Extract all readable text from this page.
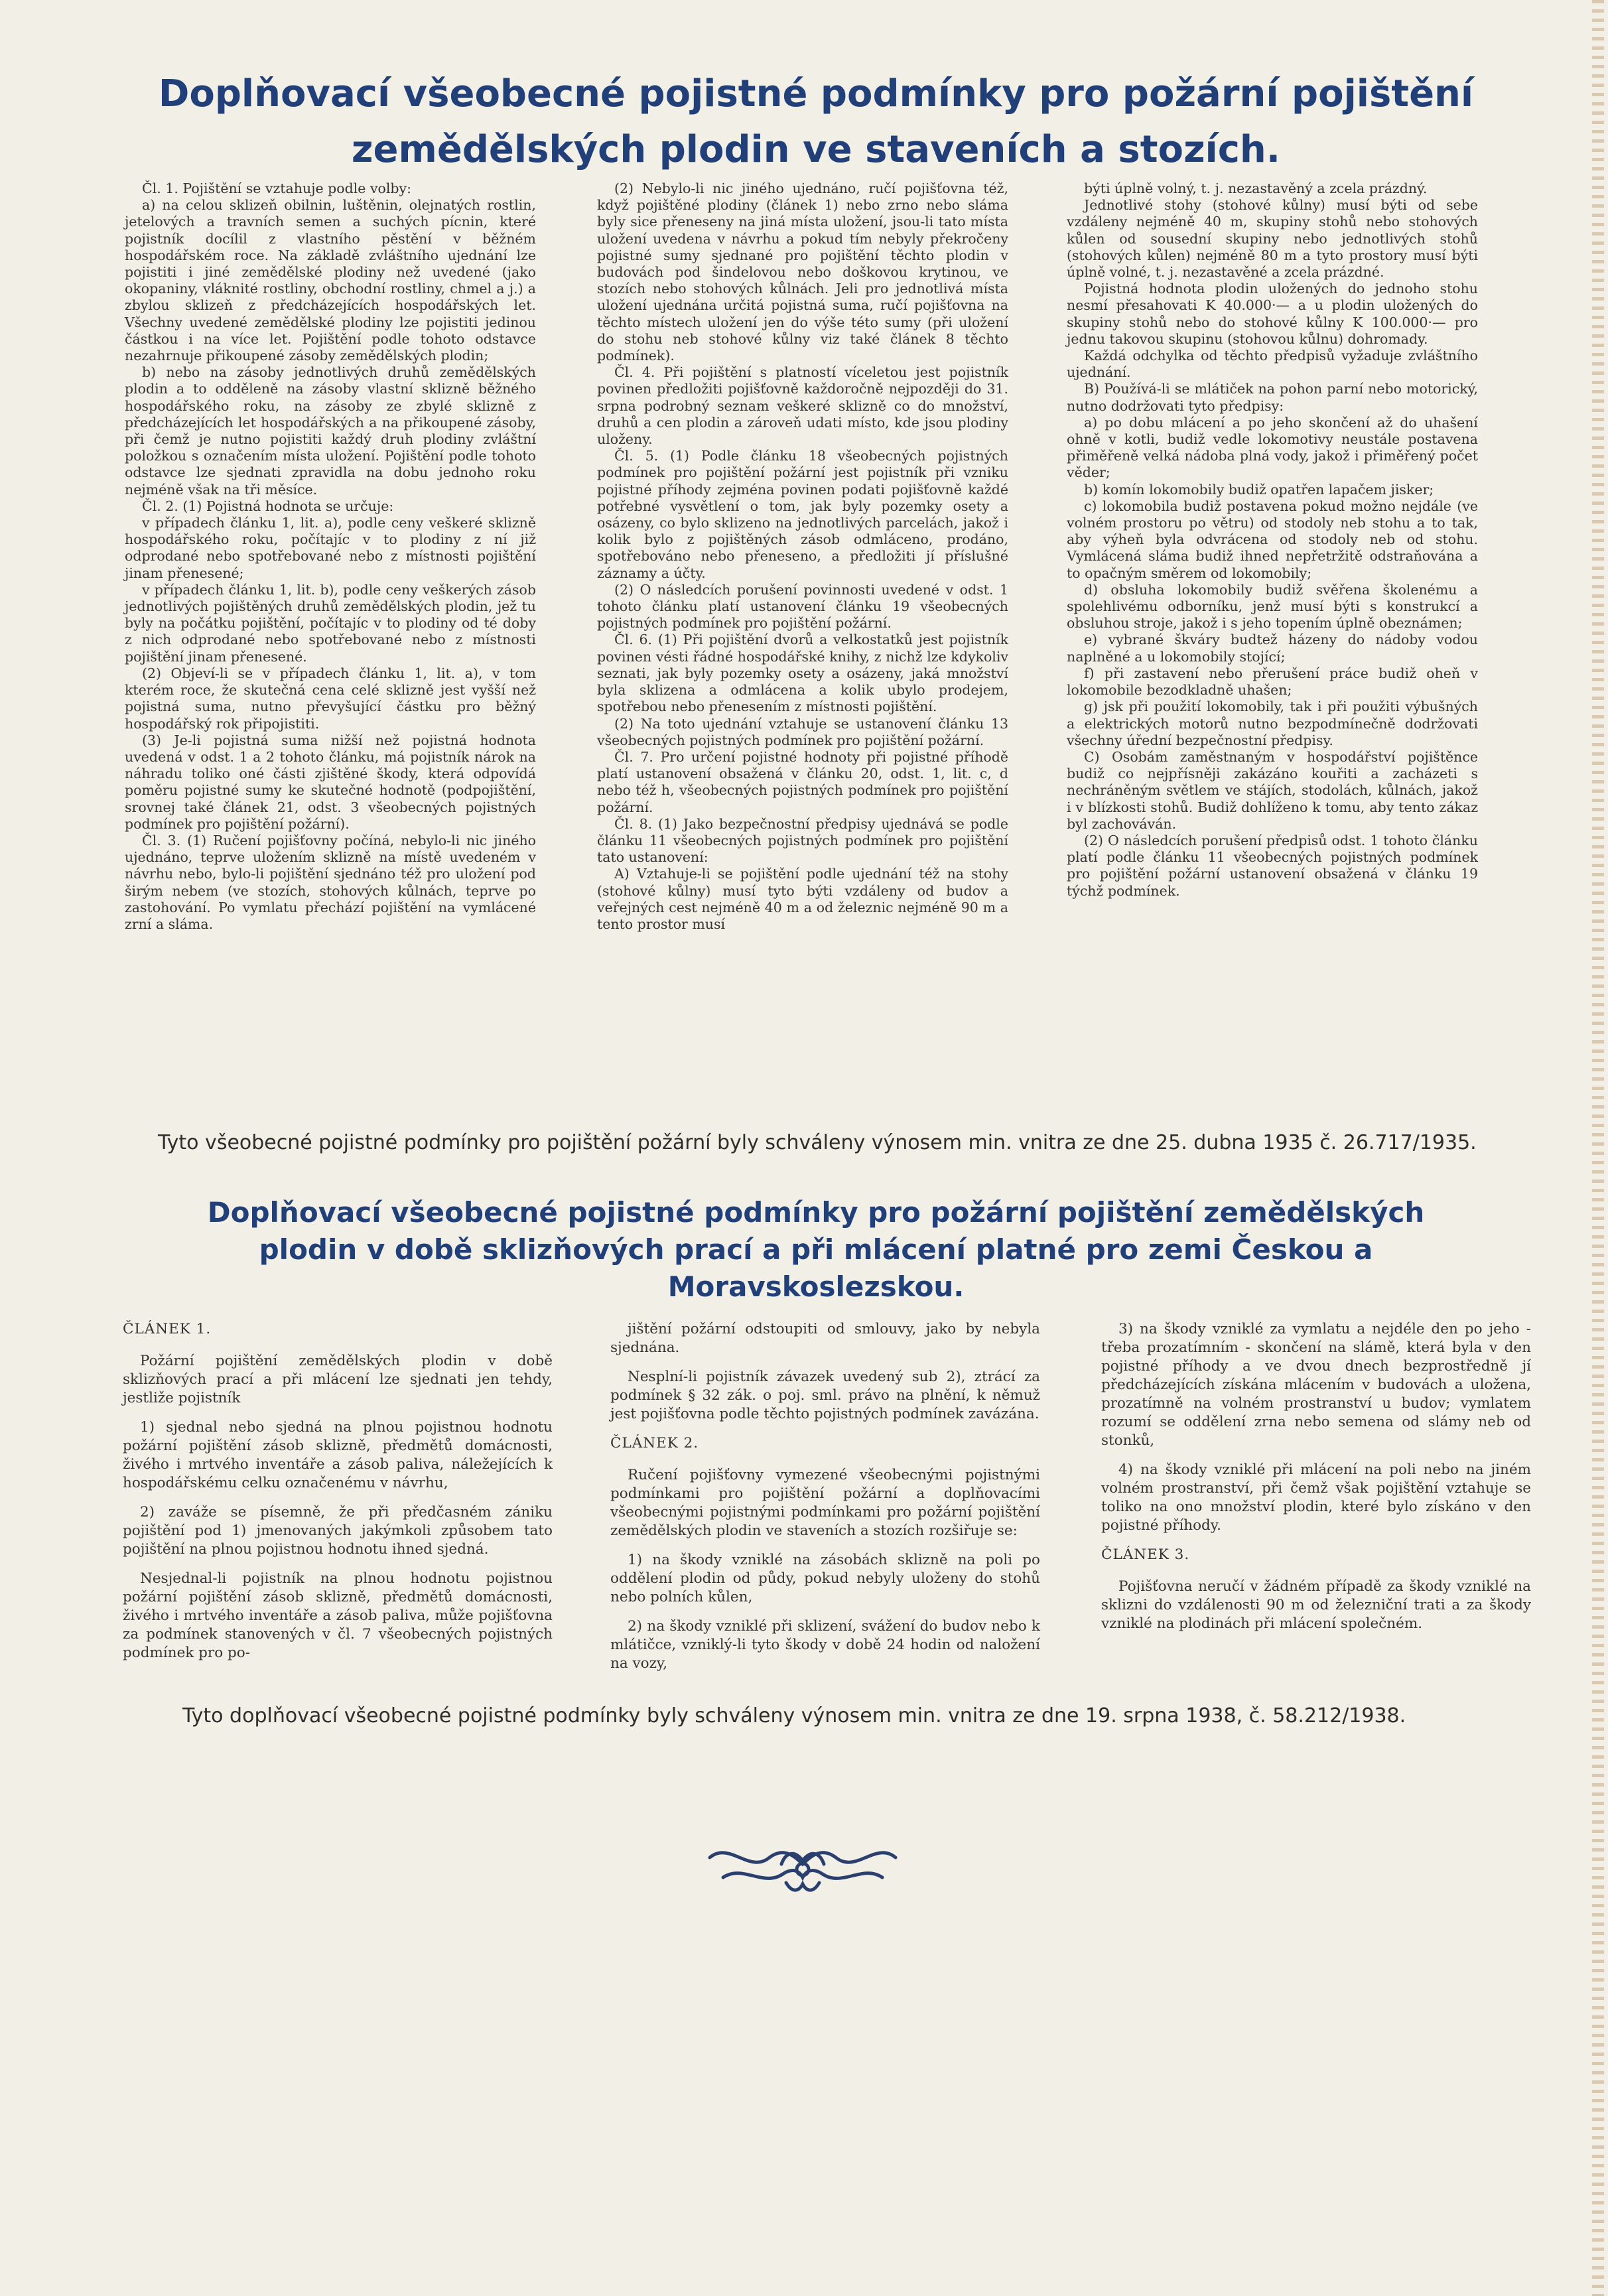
Doplňovací všeobecné pojistné podmínky pro požární pojištění zemědělských plodin ve staveních a stozích.

Čl. 1. Pojištění se vztahuje podle volby:

a) na celou sklizeň obilnin, luštěnin, olejnatých rostlin, jetelových a travních semen a suchých pícnin, které pojistník docílil z vlastního pěstění v běžném hospodářském roce. Na základě zvláštního ujednání lze pojistiti i jiné zemědělské plodiny než uvedené (jako okopaniny, vláknité rostliny, obchodní rostliny, chmel a j.) a zbylou sklizeň z předcházejících hospodářských let. Všechny uvedené zemědělské plodiny lze pojistiti jedinou částkou i na více let. Pojištění podle tohoto odstavce nezahrnuje přikoupené zásoby zemědělských plodin;

b) nebo na zásoby jednotlivých druhů zemědělských plodin a to odděleně na zásoby vlastní sklizně běžného hospodářského roku, na zásoby ze zbylé sklizně z předcházejících let hospodářských a na přikoupené zásoby, při čemž je nutno pojistiti každý druh plodiny zvláštní položkou s označením místa uložení. Pojištění podle tohoto odstavce lze sjednati zpravidla na dobu jednoho roku nejméně však na tři měsíce.

Čl. 2. (1) Pojistná hodnota se určuje:

v případech článku 1, lit. a), podle ceny veškeré sklizně hospodářského roku, počítajíc v to plodiny z ní již odprodané nebo spotřebované nebo z místnosti pojištění jinam přenesené;

v případech článku 1, lit. b), podle ceny veškerých zásob jednotlivých pojištěných druhů zemědělských plodin, jež tu byly na počátku pojištění, počítajíc v to plodiny od té doby z nich odprodané nebo spotřebované nebo z místnosti pojištění jinam přenesené.

(2) Objeví-li se v případech článku 1, lit. a), v tom kterém roce, že skutečná cena celé sklizně jest vyšší než pojistná suma, nutno převyšující částku pro běžný hospodářský rok připojistiti.

(3) Je-li pojistná suma nižší než pojistná hodnota uvedená v odst. 1 a 2 tohoto článku, má pojistník nárok na náhradu toliko oné části zjištěné škody, která odpovídá poměru pojistné sumy ke skutečné hodnotě (podpojištění, srovnej také článek 21, odst. 3 všeobecných pojistných podmínek pro pojištění požární).

Čl. 3. (1) Ručení pojišťovny počíná, nebylo-li nic jiného ujednáno, teprve uložením sklizně na místě uvedeném v návrhu nebo, bylo-li pojištění sjednáno též pro uložení pod širým nebem (ve stozích, stohových kůlnách, teprve po zastohování. Po vymlatu přechází pojištění na vymlácené zrní a sláma.

(2) Nebylo-li nic jiného ujednáno, ručí pojišťovna též, když pojištěné plodiny (článek 1) nebo zrno nebo sláma byly sice přeneseny na jiná místa uložení, jsou-li tato místa uložení uvedena v návrhu a pokud tím nebyly překročeny pojistné sumy sjednané pro pojištění těchto plodin v budovách pod šindelovou nebo doškovou krytinou, ve stozích nebo stohových kůlnách. Jeli pro jednotlivá místa uložení ujednána určitá pojistná suma, ručí pojišťovna na těchto místech uložení jen do výše této sumy (při uložení do stohu neb stohové kůlny viz také článek 8 těchto podmínek).

Čl. 4. Při pojištění s platností víceletou jest pojistník povinen předložiti pojišťovně každoročně nejpozději do 31. srpna podrobný seznam veškeré sklizně co do množství, druhů a cen plodin a zároveň udati místo, kde jsou plodiny uloženy.

Čl. 5. (1) Podle článku 18 všeobecných pojistných podmínek pro pojištění požární jest pojistník při vzniku pojistné příhody zejména povinen podati pojišťovně každé potřebné vysvětlení o tom, jak byly pozemky osety a osázeny, co bylo sklizeno na jednotlivých parcelách, jakož i kolik bylo z pojištěných zásob odmláceno, prodáno, spotřebováno nebo přeneseno, a předložiti jí příslušné záznamy a účty.

(2) O následcích porušení povinnosti uvedené v odst. 1 tohoto článku platí ustanovení článku 19 všeobecných pojistných podmínek pro pojištění požární.

Čl. 6. (1) Při pojištění dvorů a velkostatků jest pojistník povinen vésti řádné hospodářské knihy, z nichž lze kdykoliv seznati, jak byly pozemky osety a osázeny, jaká množství byla sklizena a odmlácena a kolik ubylo prodejem, spotřebou nebo přenesením z místnosti pojištění.

(2) Na toto ujednání vztahuje se ustanovení článku 13 všeobecných pojistných podmínek pro pojištění požární.

Čl. 7. Pro určení pojistné hodnoty při pojistné příhodě platí ustanovení obsažená v článku 20, odst. 1, lit. c, d nebo též h, všeobecných pojistných podmínek pro pojištění požární.

Čl. 8. (1) Jako bezpečnostní předpisy ujednává se podle článku 11 všeobecných pojistných podmínek pro pojištění tato ustanovení:

A) Vztahuje-li se pojištění podle ujednání též na stohy (stohové kůlny) musí tyto býti vzdáleny od budov a veřejných cest nejméně 40 m a od železnic nejméně 90 m a tento prostor musí

býti úplně volný, t. j. nezastavěný a zcela prázdný.

Jednotlivé stohy (stohové kůlny) musí býti od sebe vzdáleny nejméně 40 m, skupiny stohů nebo stohových kůlen od sousední skupiny nebo jednotlivých stohů (stohových kůlen) nejméně 80 m a tyto prostory musí býti úplně volné, t. j. nezastavěné a zcela prázdné.

Pojistná hodnota plodin uložených do jednoho stohu nesmí přesahovati K 40.000·— a u plodin uložených do skupiny stohů nebo do stohové kůlny K 100.000·— pro jednu takovou skupinu (stohovou kůlnu) dohromady.

Každá odchylka od těchto předpisů vyžaduje zvláštního ujednání.

B) Používá-li se mlátiček na pohon parní nebo motorický, nutno dodržovati tyto předpisy:

a) po dobu mlácení a po jeho skončení až do uhašení ohně v kotli, budiž vedle lokomotivy neustále postavena přiměřeně velká nádoba plná vody, jakož i přiměřený počet věder;

b) komín lokomobily budiž opatřen lapačem jisker;

c) lokomobila budiž postavena pokud možno nejdále (ve volném prostoru po větru) od stodoly neb stohu a to tak, aby výheň byla odvrácena od stodoly neb od stohu. Vymlácená sláma budiž ihned nepřetržitě odstraňována a to opačným směrem od lokomobily;

d) obsluha lokomobily budiž svěřena školenému a spolehlivému odborníku, jenž musí býti s konstrukcí a obsluhou stroje, jakož i s jeho topením úplně obeznámen;

e) vybrané škváry budtež házeny do nádoby vodou naplněné a u lokomobily stojící;

f) při zastavení nebo přerušení práce budiž oheň v lokomobile bezodkladně uhašen;

g) jsk při použití lokomobily, tak i při použiti výbušných a elektrických motorů nutno bezpodmínečně dodržovati všechny úřední bezpečnostní předpisy.

C) Osobám zaměstnaným v hospodářství pojištěnce budiž co nejpřísněji zakázáno kouřiti a zacházeti s nechráněným světlem ve stájích, stodolách, kůlnách, jakož i v blízkosti stohů. Budiž dohlíženo k tomu, aby tento zákaz byl zachováván.

(2) O následcích porušení předpisů odst. 1 tohoto článku platí podle článku 11 všeobecných pojistných podmínek pro pojištění požární ustanovení obsažená v článku 19 týchž podmínek.

Tyto všeobecné pojistné podmínky pro pojištění požární byly schváleny výnosem min. vnitra ze dne 25. dubna 1935 č. 26.717/1935.
Doplňovací všeobecné pojistné podmínky pro požární pojištění zemědělských plodin v době sklizňových prací a při mlácení platné pro zemi Českou a Moravskoslezskou.

ČLÁNEK 1.

Požární pojištění zemědělských plodin v době sklizňových prací a při mlácení lze sjednati jen tehdy, jestliže pojistník

1) sjednal nebo sjedná na plnou pojistnou hodnotu požární pojištění zásob sklizně, předmětů domácnosti, živého i mrtvého inventáře a zásob paliva, náležejících k hospodářskému celku označenému v návrhu,

2) zaváže se písemně, že při předčasném zániku pojištění pod 1) jmenovaných jakýmkoli způsobem tato pojištění na plnou pojistnou hodnotu ihned sjedná.

Nesjednal-li pojistník na plnou hodnotu pojistnou požární pojištění zásob sklizně, předmětů domácnosti, živého i mrtvého inventáře a zásob paliva, může pojišťovna za podmínek stanovených v čl. 7 všeobecných pojistných podmínek pro po-

jištění požární odstoupiti od smlouvy, jako by nebyla sjednána.

Nesplní-li pojistník závazek uvedený sub 2), ztrácí za podmínek § 32 zák. o poj. sml. právo na plnění, k němuž jest pojišťovna podle těchto pojistných podmínek zavázána.

ČLÁNEK 2.

Ručení pojišťovny vymezené všeobecnými pojistnými podmínkami pro pojištění požární a doplňovacími všeobecnými pojistnými podmínkami pro požární pojištění zemědělských plodin ve staveních a stozích rozšiřuje se:

1) na škody vzniklé na zásobách sklizně na poli po oddělení plodin od půdy, pokud nebyly uloženy do stohů nebo polních kůlen,

2) na škody vzniklé při sklizení, svážení do budov nebo k mlátičce, vzniklý-li tyto škody v době 24 hodin od naložení na vozy,

3) na škody vzniklé za vymlatu a nejdéle den po jeho - třeba prozatímním - skončení na slámě, která byla v den pojistné příhody a ve dvou dnech bezprostředně jí předcházejících získána mlácením v budovách a uložena, prozatímně na volném prostranství u budov; vymlatem rozumí se oddělení zrna nebo semena od slámy neb od stonků,

4) na škody vzniklé při mlácení na poli nebo na jiném volném prostranství, při čemž však pojištění vztahuje se toliko na ono množství plodin, které bylo získáno v den pojistné příhody.

ČLÁNEK 3.

Pojišťovna neručí v žádném případě za škody vzniklé na sklizni do vzdálenosti 90 m od železniční trati a za škody vzniklé na plodinách při mlácení společném.

Tyto doplňovací všeobecné pojistné podmínky byly schváleny výnosem min. vnitra ze dne 19. srpna 1938, č. 58.212/1938.
